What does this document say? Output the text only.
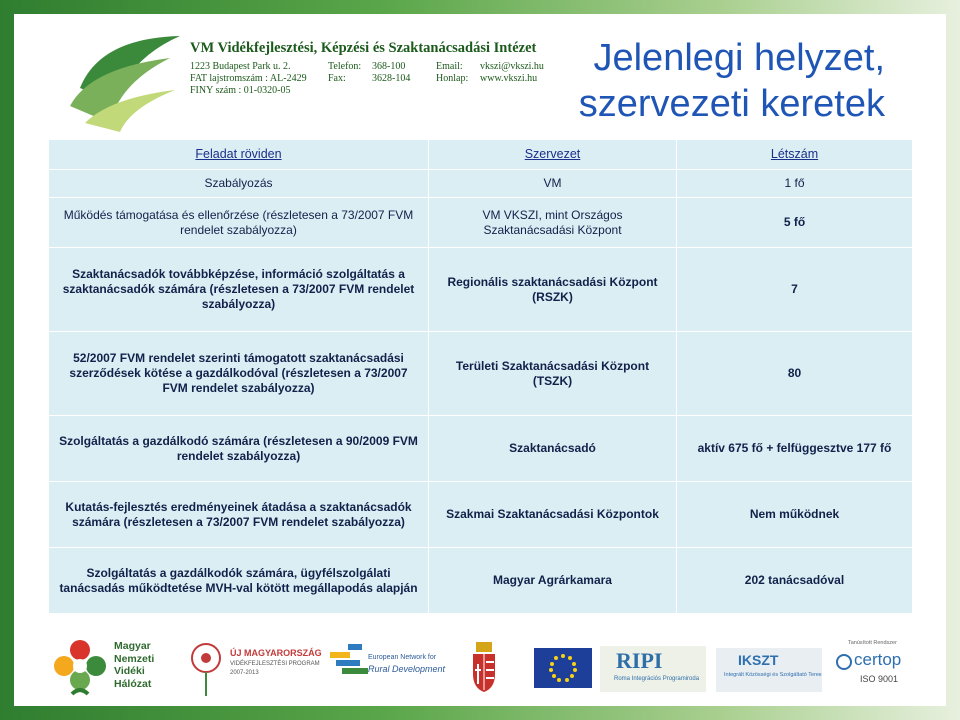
VM Vidékfejlesztési, Képzési és Szaktanácsadási Intézet
1223 Budapest Park u. 2.
FAT lajstromszám : AL-2429
FINY szám : 01-0320-05
Telefon:
Fax:
368-100
3628-104
Email:
Honlap:
vkszi@vkszi.hu
www.vkszi.hu	Jelenlegi helyzet,
szervezeti keretek
Feladat röviden	Szervezet	Létszám
Szabályozás	VM	1 fő
Működés támogatása és ellenőrzése (részletesen a 73/2007 FVM rendelet szabályozza)	VM VKSZI, mint Országos Szaktanácsadási Központ	5 fő
Szaktanácsadók továbbképzése, információ szolgáltatás a szaktanácsadók számára (részletesen a 73/2007 FVM rendelet szabályozza)	Regionális szaktanácsadási Központ (RSZK)	7
52/2007 FVM rendelet szerinti támogatott szaktanácsadási szerződések kötése a gazdálkodóval (részletesen a 73/2007 FVM rendelet szabályozza)	Területi Szaktanácsadási Központ (TSZK)	80
Szolgáltatás a gazdálkodó számára (részletesen a 90/2009 FVM rendelet szabályozza)	Szaktanácsadó	aktív 675 fő + felfüggesztve 177 fő
Kutatás-fejlesztés eredményeinek átadása a szaktanácsadók számára (részletesen a 73/2007 FVM rendelet szabályozza)	Szakmai Szaktanácsadási Központok	Nem működnek
Szolgáltatás a gazdálkodók számára, ügyfélszolgálati tanácsadás működtetése MVH-val kötött megállapodás alapján	Magyar Agrárkamara	202 tanácsadóval
Magyar
Nemzeti
Vidéki
Hálózat
ÚJ MAGYARORSZÁG
VIDÉKFEJLESZTÉSI PROGRAM
2007-2013
European Network for
Rural Development	RIPI
Roma Integrációs Programiroda
IKSZT
Integrált Közösségi és Szolgáltató Tereк
Tanúsított Rendszer
certop
ISO 9001
